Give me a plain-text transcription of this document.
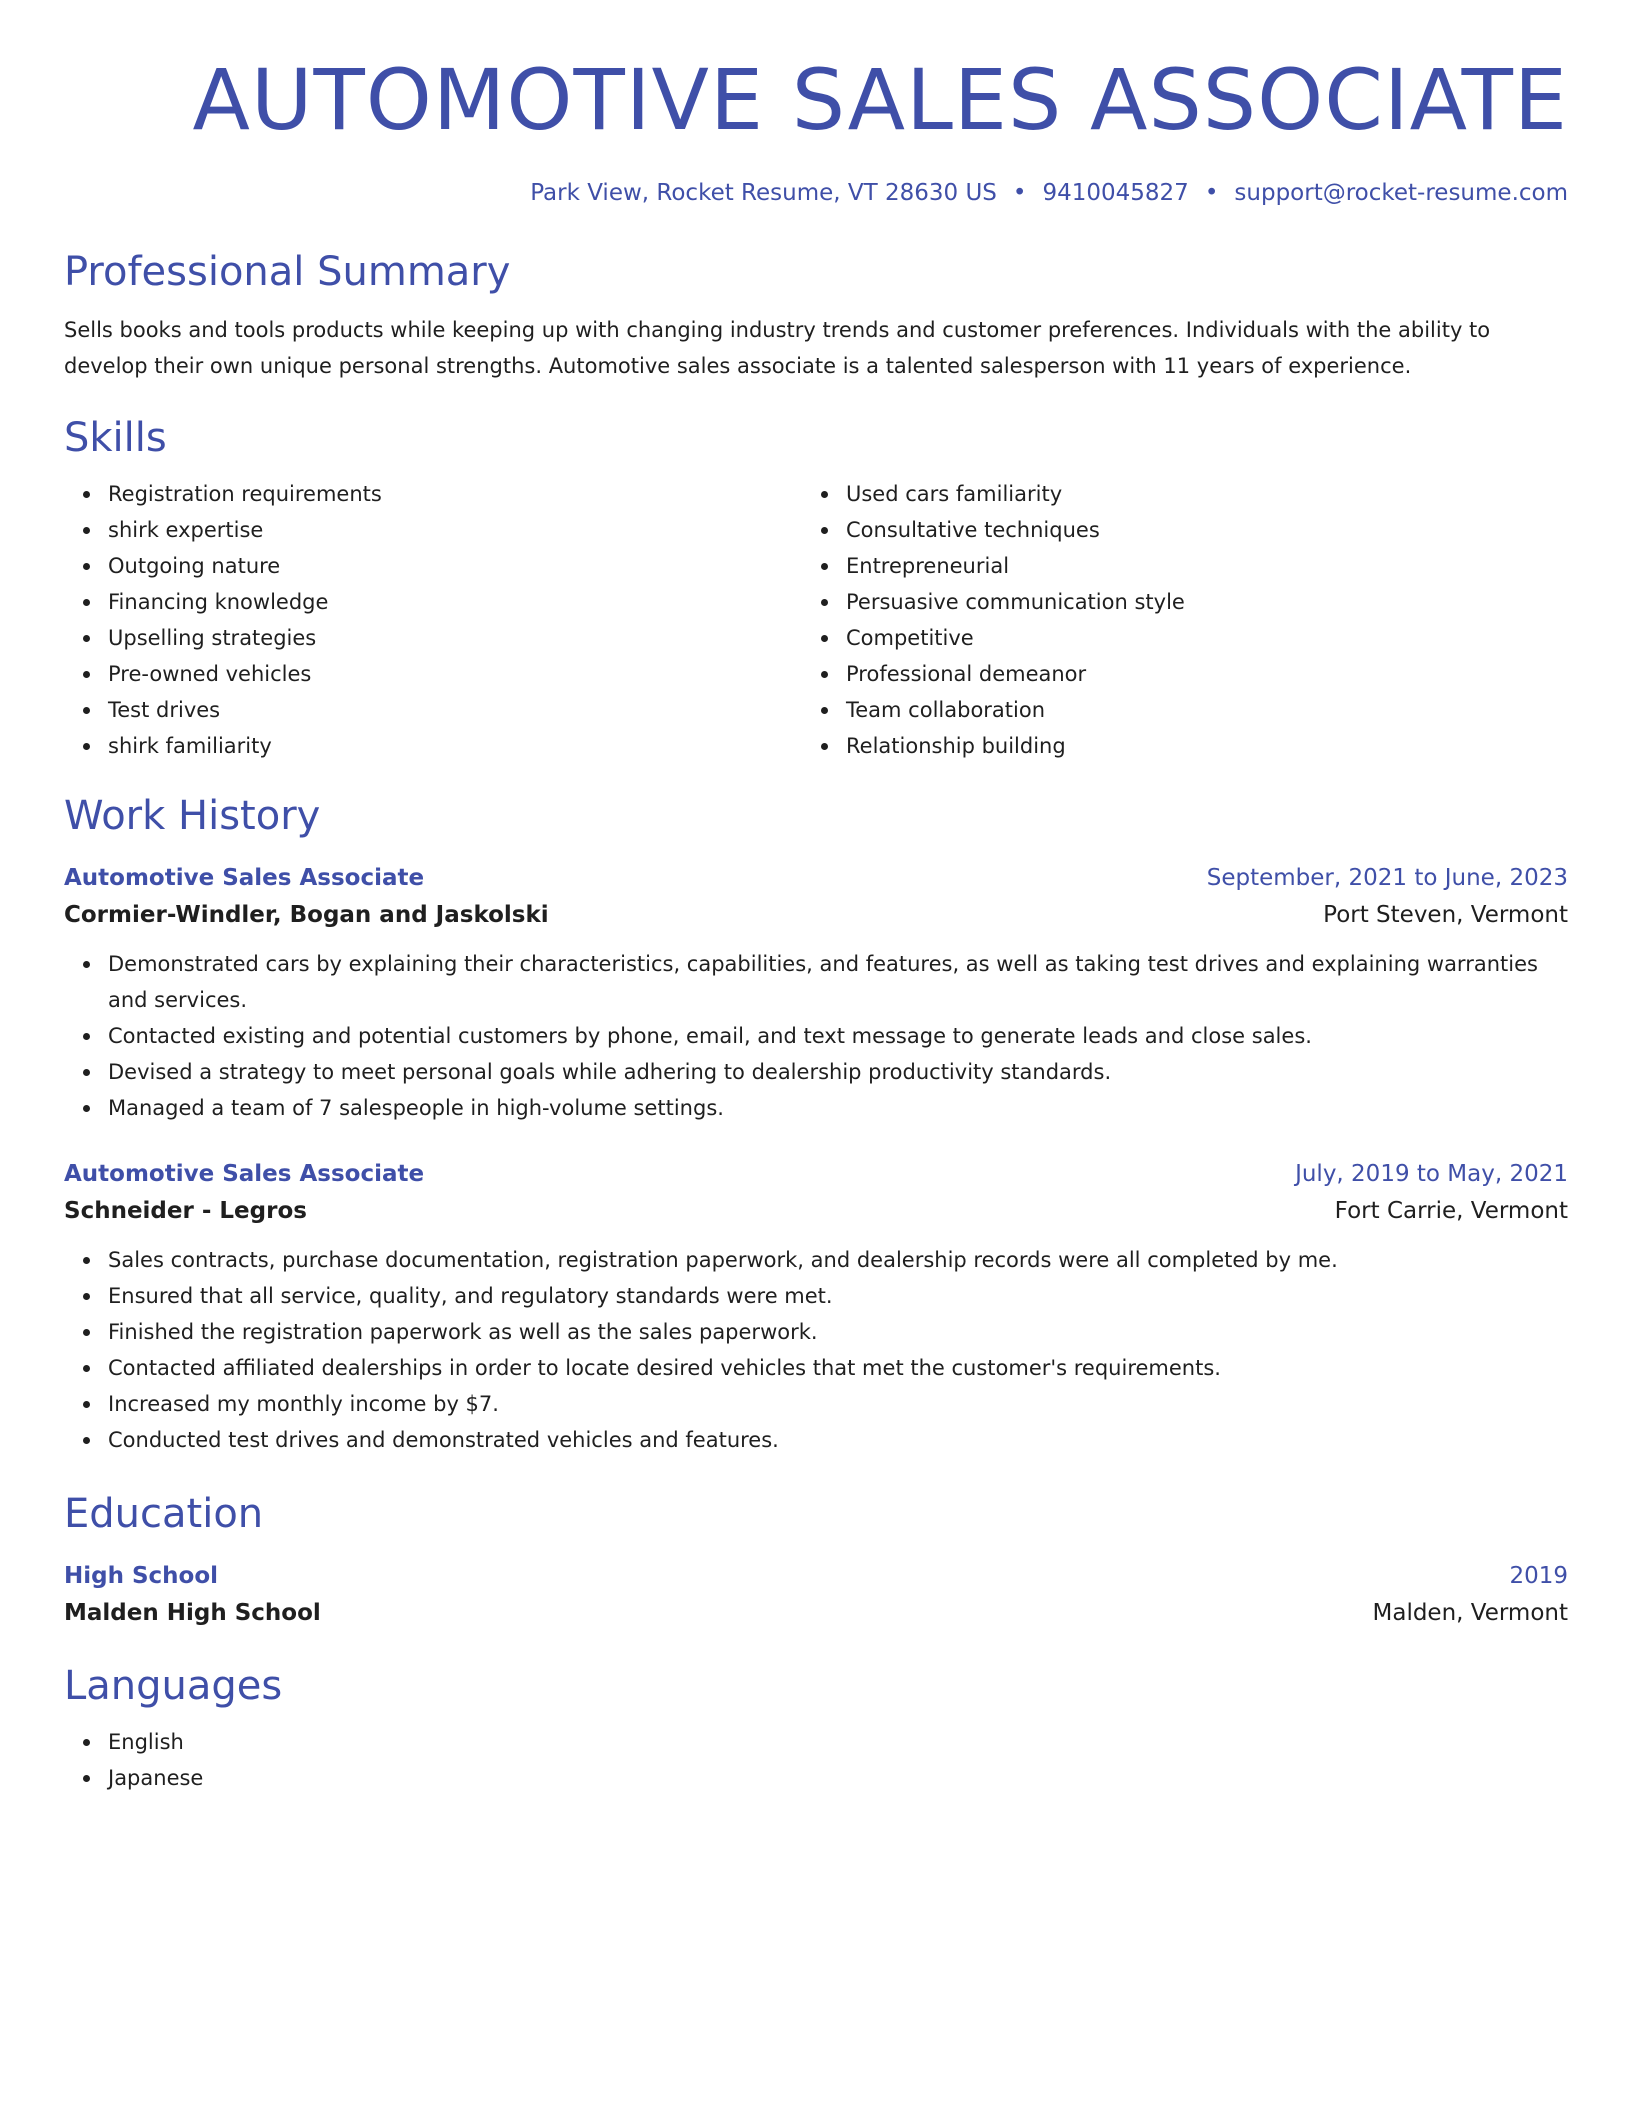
AUTOMOTIVE SALES ASSOCIATE
Park View, Rocket Resume, VT 28630 US • 9410045827 • support@rocket-resume.com
Professional Summary
Sells books and tools products while keeping up with changing industry trends and customer preferences. Individuals with the ability to develop their own unique personal strengths. Automotive sales associate is a talented salesperson with 11 years of experience.
Skills
Registration requirements
shirk expertise
Outgoing nature
Financing knowledge
Upselling strategies
Pre-owned vehicles
Test drives
shirk familiarity
Used cars familiarity
Consultative techniques
Entrepreneurial
Persuasive communication style
Competitive
Professional demeanor
Team collaboration
Relationship building
Work History
Automotive Sales Associate	September, 2021 to June, 2023
Cormier-Windler, Bogan and Jaskolski	Port Steven, Vermont
Demonstrated cars by explaining their characteristics, capabilities, and features, as well as taking test drives and explaining warranties and services.
Contacted existing and potential customers by phone, email, and text message to generate leads and close sales.
Devised a strategy to meet personal goals while adhering to dealership productivity standards.
Managed a team of 7 salespeople in high-volume settings.
Automotive Sales Associate	July, 2019 to May, 2021
Schneider - Legros	Fort Carrie, Vermont
Sales contracts, purchase documentation, registration paperwork, and dealership records were all completed by me.
Ensured that all service, quality, and regulatory standards were met.
Finished the registration paperwork as well as the sales paperwork.
Contacted affiliated dealerships in order to locate desired vehicles that met the customer's requirements.
Increased my monthly income by $7.
Conducted test drives and demonstrated vehicles and features.
Education
High School	2019
Malden High School	Malden, Vermont
Languages
English
Japanese
